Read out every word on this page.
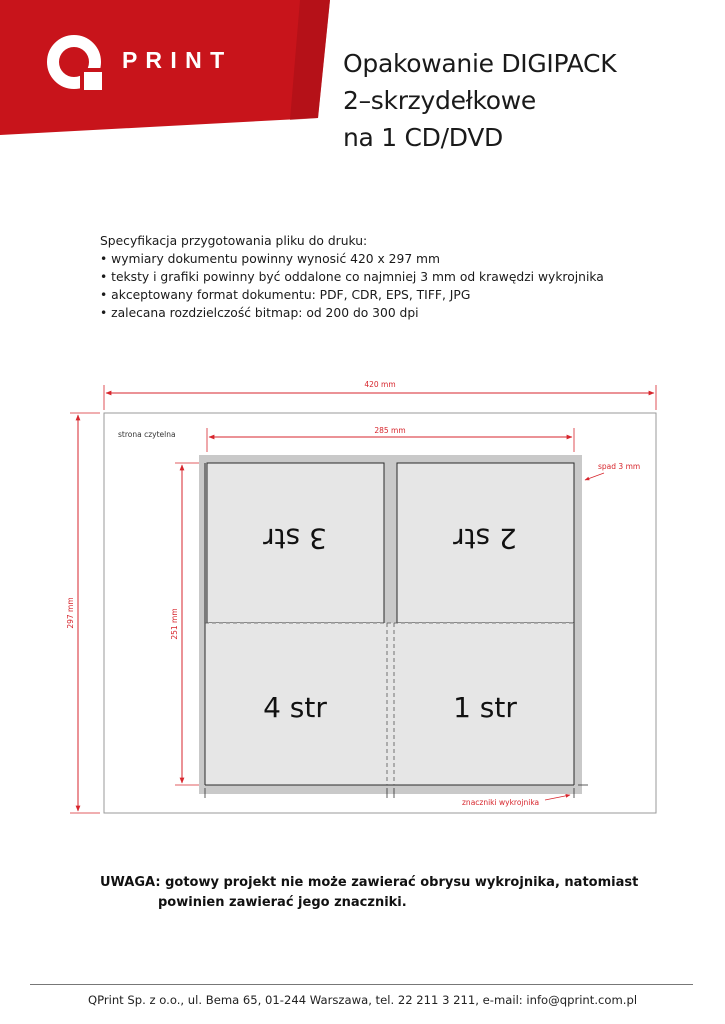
P R I N T	Opakowanie DIGIPACK
2–skrzydełkowe
na 1 CD/DVD
Specyfikacja przygotowania pliku do druku:
• wymiary dokumentu powinny wynosić 420 x 297 mm
• teksty i grafiki powinny być oddalone co najmniej 3 mm od krawędzi wykrojnika
• akceptowany format dokumentu: PDF, CDR, EPS, TIFF, JPG
• zalecana rozdzielczość bitmap: od 200 do 300 dpi
420 mm
297 mm
strona czytelna	285 mm
251 mm
3 str	2 str
4 str	1 str
spad 3 mm
znaczniki wykrojnika
UWAGA: gotowy projekt nie może zawierać obrysu wykrojnika, natomiast
powinien zawierać jego znaczniki.
QPrint Sp. z o.o., ul. Bema 65, 01-244 Warszawa, tel. 22 211 3 211, e-mail: info@qprint.com.pl
